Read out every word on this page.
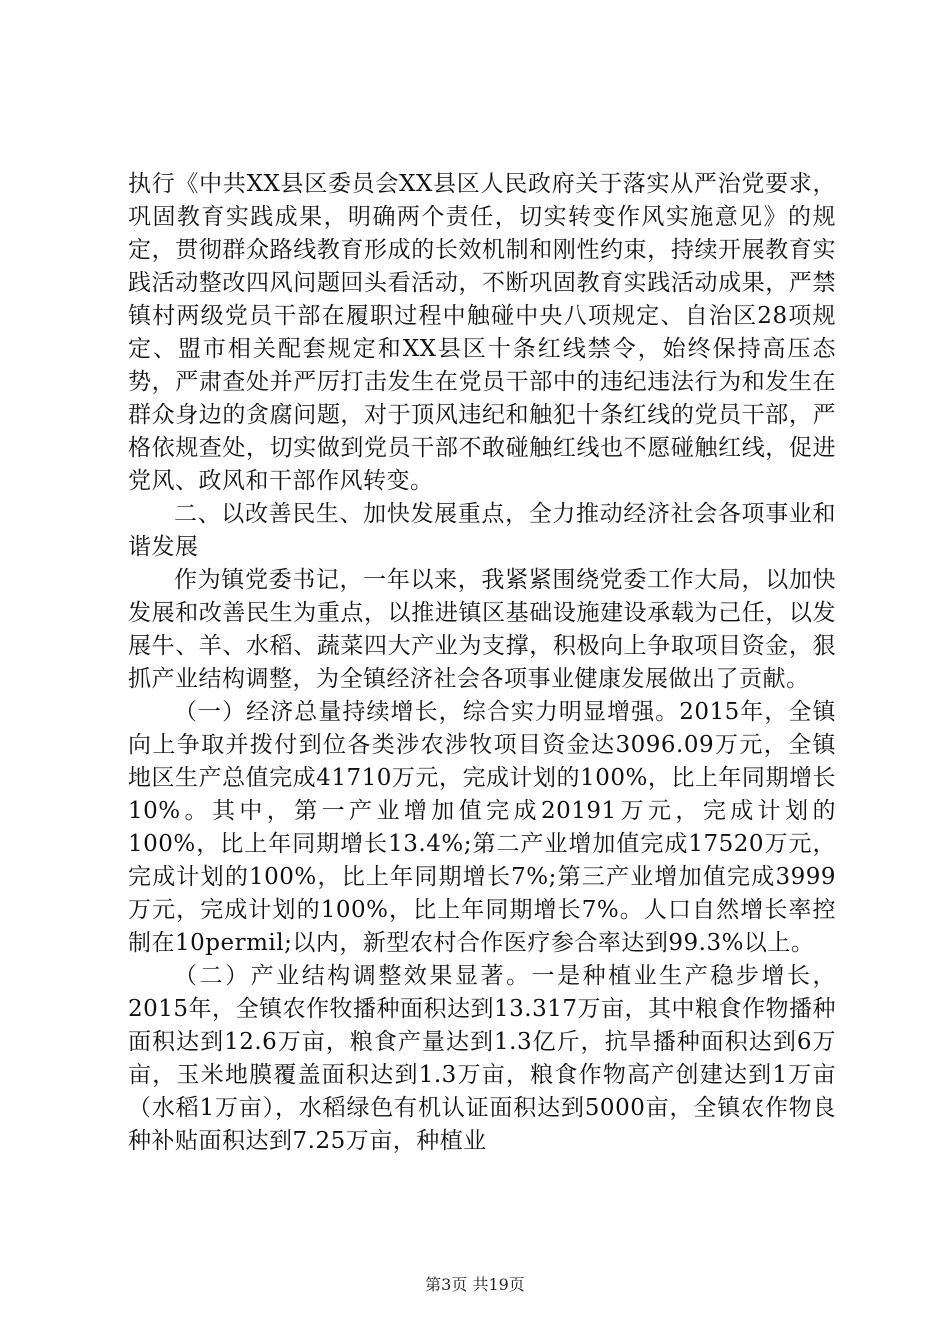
执行《中共XX县区委员会XX县区人民政府关于落实从严治党要求，巩固教育实践成果，明确两个责任，切实转变作风实施意见》的规定，贯彻群众路线教育形成的长效机制和刚性约束，持续开展教育实践活动整改四风问题回头看活动，不断巩固教育实践活动成果，严禁镇村两级党员干部在履职过程中触碰中央八项规定、自治区28项规定、盟市相关配套规定和XX县区十条红线禁令，始终保持高压态势，严肃查处并严厉打击发生在党员干部中的违纪违法行为和发生在群众身边的贪腐问题，对于顶风违纪和触犯十条红线的党员干部，严格依规查处，切实做到党员干部不敢碰触红线也不愿碰触红线，促进党风、政风和干部作风转变。

二、以改善民生、加快发展重点，全力推动经济社会各项事业和谐发展

作为镇党委书记，一年以来，我紧紧围绕党委工作大局，以加快发展和改善民生为重点，以推进镇区基础设施建设承载为己任，以发展牛、羊、水稻、蔬菜四大产业为支撑，积极向上争取项目资金，狠抓产业结构调整，为全镇经济社会各项事业健康发展做出了贡献。

（一）经济总量持续增长，综合实力明显增强。2015年，全镇向上争取并拨付到位各类涉农涉牧项目资金达3096.09万元，全镇地区生产总值完成41710万元，完成计划的100%，比上年同期增长10%。其中，第一产业增加值完成20191万元，完成计划的100%，比上年同期增长13.4%;第二产业增加值完成17520万元，完成计划的100%，比上年同期增长7%;第三产业增加值完成3999万元，完成计划的100%，比上年同期增长7%。人口自然增长率控制在10permil;以内，新型农村合作医疗参合率达到99.3%以上。

（二）产业结构调整效果显著。一是种植业生产稳步增长，2015年，全镇农作牧播种面积达到13.317万亩，其中粮食作物播种面积达到12.6万亩，粮食产量达到1.3亿斤，抗旱播种面积达到6万亩，玉米地膜覆盖面积达到1.3万亩，粮食作物高产创建达到1万亩（水稻1万亩），水稻绿色有机认证面积达到5000亩，全镇农作物良种补贴面积达到7.25万亩，种植业

第3页 共19页
